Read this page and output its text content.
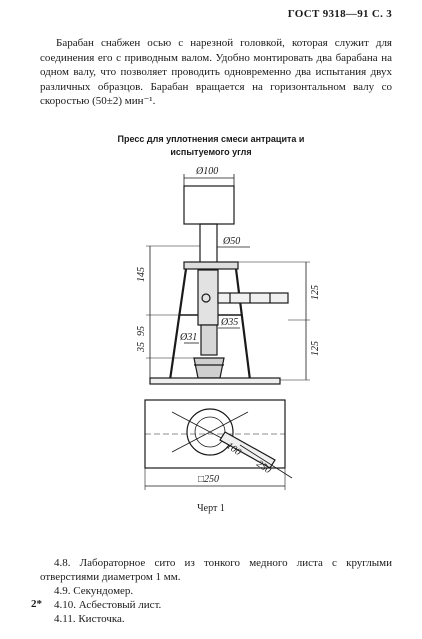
ГОСТ 9318—91 С. 3
Барабан снабжен осью с нарезной головкой, которая служит для соединения его с приводным валом. Удобно монтировать два барабана на одном валу, что позволяет проводить одновременно два испытания двух различных образцов. Барабан вращается на горизонтальном валу со скоростью (50±2) мин⁻¹.
Пресс для уплотнения смеси антрацита и
испытуемого угля
Ø100
Ø50
Ø35
Ø31
145
95
35
125
125
100
250
□250
Черт 1
4.8. Лабораторное сито из тонкого медного листа с круглыми отверстиями диаметром 1 мм.
4.9. Секундомер.
4.10. Асбестовый лист.
4.11. Кисточка.
2*
